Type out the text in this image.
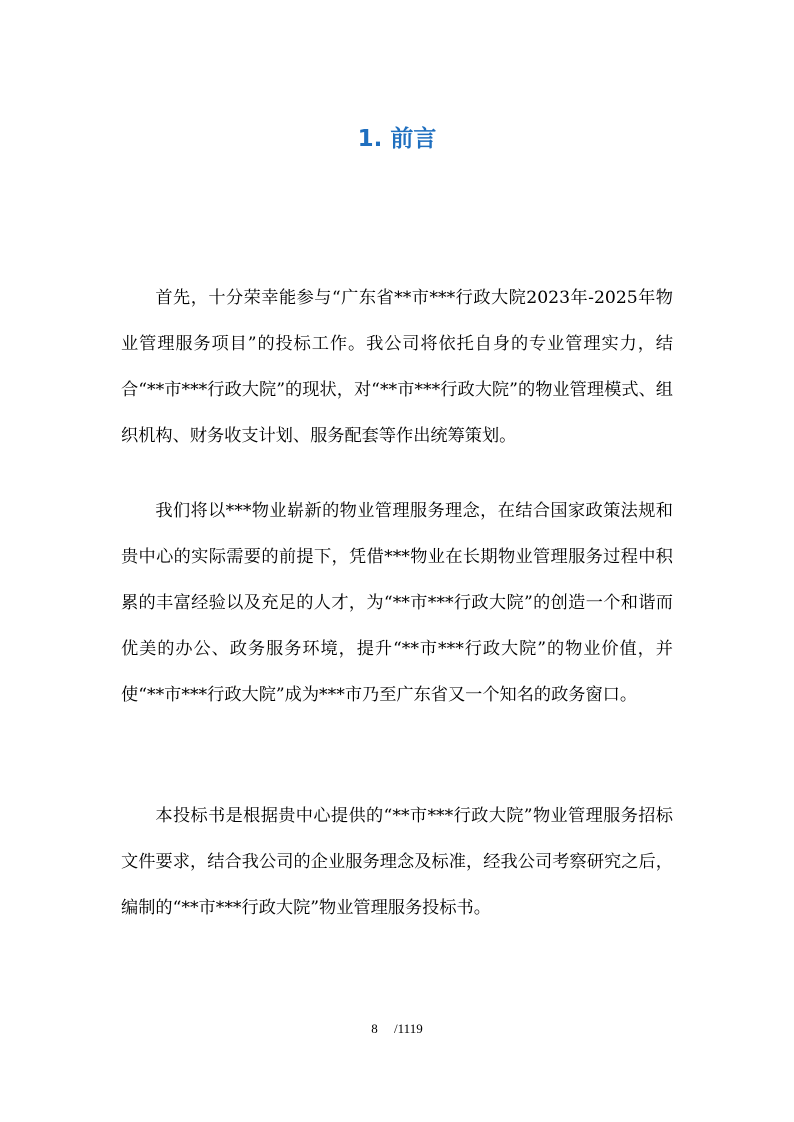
1. 前言

首先，十分荣幸能参与“广东省**市***行政大院2023年-2025年物业管理服务项目”的投标工作。我公司将依托自身的专业管理实力，结合“**市***行政大院”的现状，对“**市***行政大院”的物业管理模式、组织机构、财务收支计划、服务配套等作出统筹策划。

我们将以***物业崭新的物业管理服务理念，在结合国家政策法规和贵中心的实际需要的前提下，凭借***物业在长期物业管理服务过程中积累的丰富经验以及充足的人才，为“**市***行政大院”的创造一个和谐而优美的办公、政务服务环境，提升“**市***行政大院”的物业价值，并使“**市***行政大院”成为***市乃至广东省又一个知名的政务窗口。

本投标书是根据贵中心提供的“**市***行政大院”物业管理服务招标文件要求，结合我公司的企业服务理念及标准，经我公司考察研究之后，编制的“**市***行政大院”物业管理服务投标书。

8 /1119
